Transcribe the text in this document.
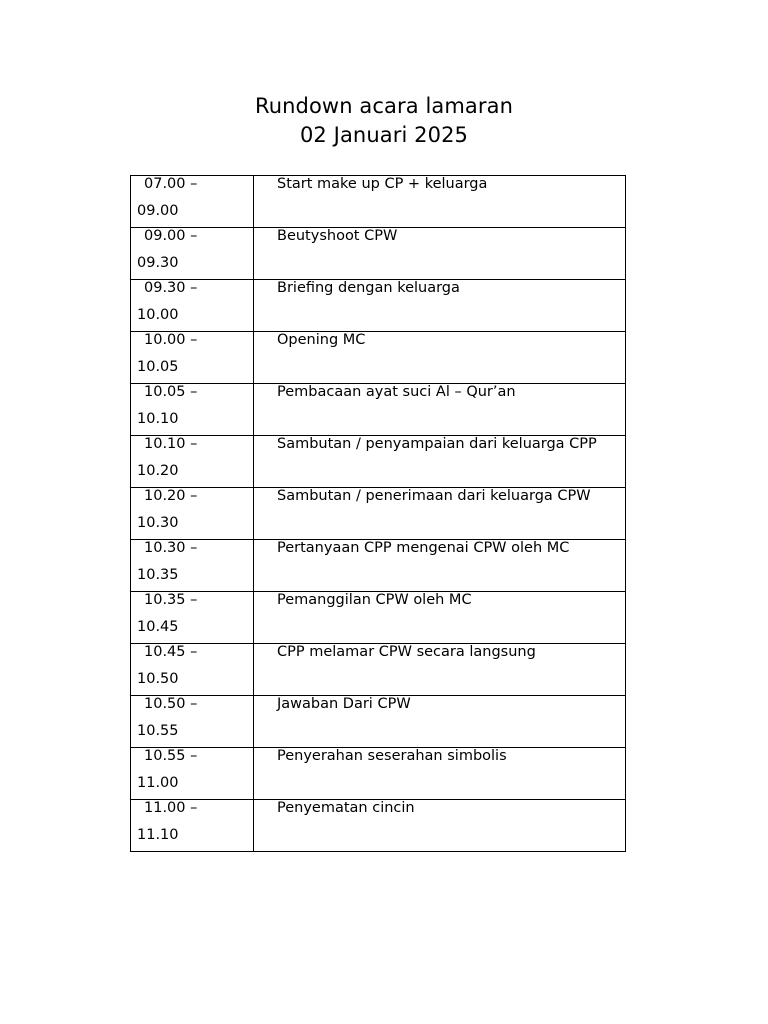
Rundown acara lamaran
02 Januari 2025
07.00 –
09.00	Start make up CP + keluarga

09.00 –
09.30	Beutyshoot CPW

09.30 –
10.00	Briefing dengan keluarga

10.00 –
10.05	Opening MC

10.05 –
10.10	Pembacaan ayat suci Al – Qur’an

10.10 –
10.20	Sambutan / penyampaian dari keluarga CPP

10.20 –
10.30	Sambutan / penerimaan dari keluarga CPW

10.30 –
10.35	Pertanyaan CPP mengenai CPW oleh MC

10.35 –
10.45	Pemanggilan CPW oleh MC

10.45 –
10.50	CPP melamar CPW secara langsung

10.50 –
10.55	Jawaban Dari CPW

10.55 –
11.00	Penyerahan seserahan simbolis

11.00 –
11.10	Penyematan cincin
